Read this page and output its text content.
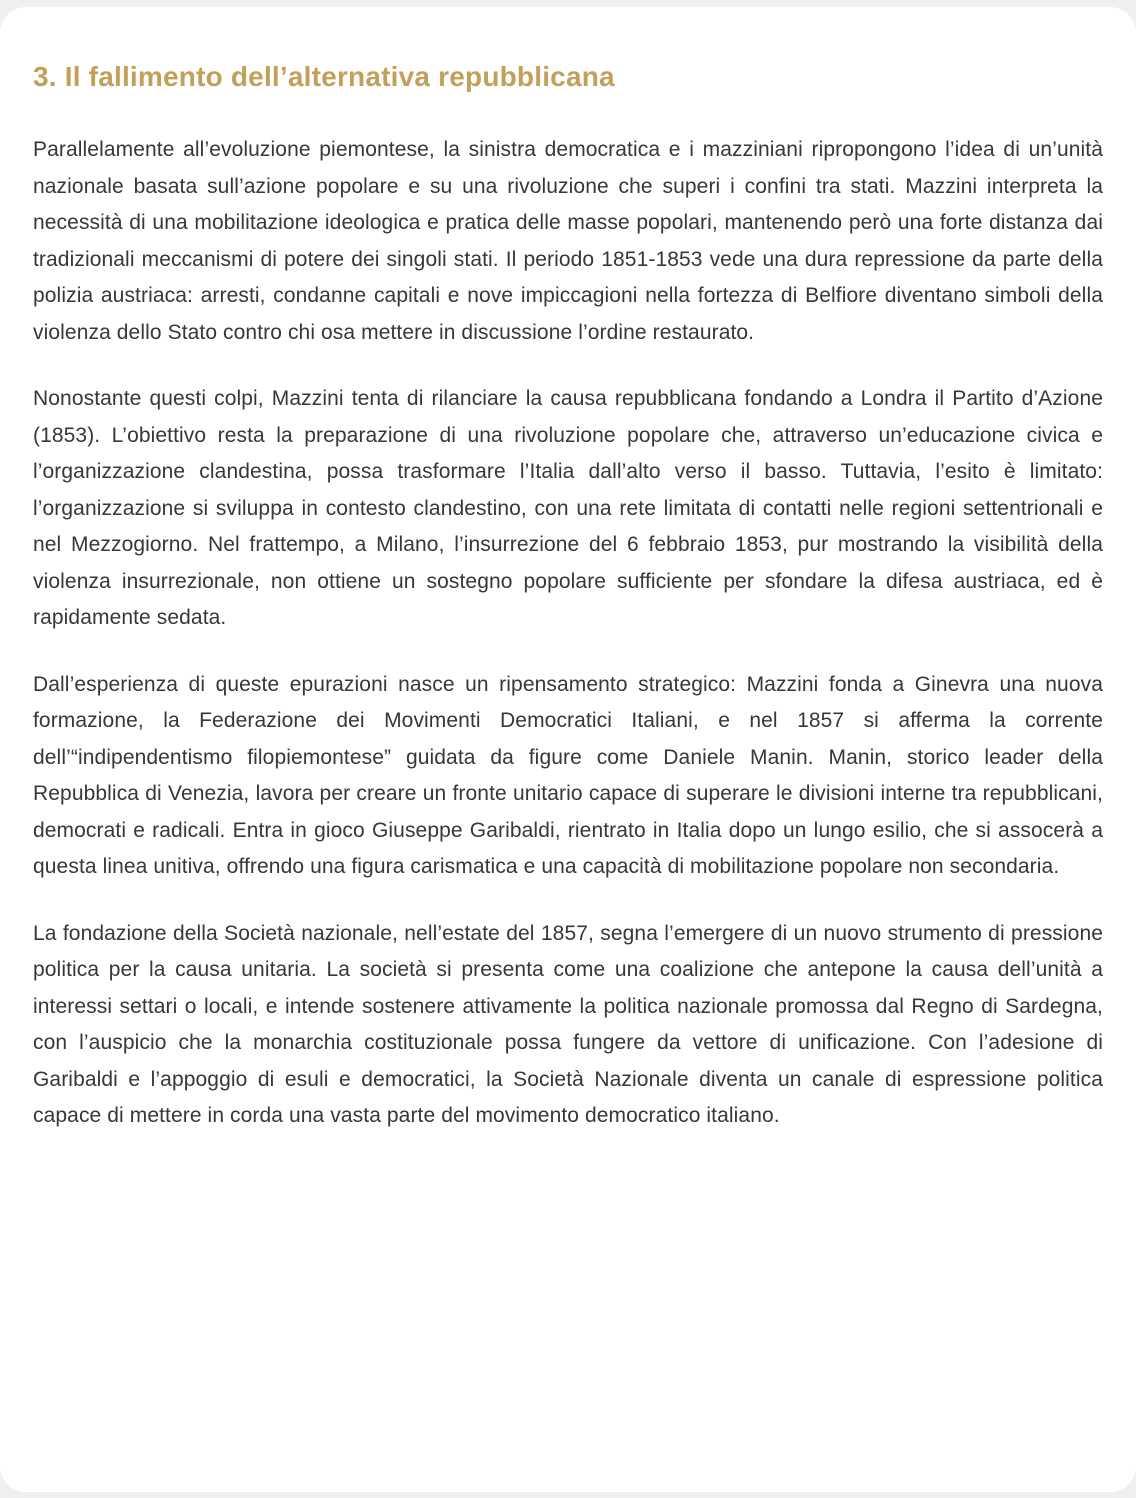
3. Il fallimento dell’alternativa repubblicana

Parallelamente all’evoluzione piemontese, la sinistra democratica e i mazziniani ripropongono l’idea di un’unità nazionale basata sull’azione popolare e su una rivoluzione che superi i confini tra stati. Mazzini interpreta la necessità di una mobilitazione ideologica e pratica delle masse popolari, mantenendo però una forte distanza dai tradizionali meccanismi di potere dei singoli stati. Il periodo 1851-1853 vede una dura repressione da parte della polizia austriaca: arresti, condanne capitali e nove impiccagioni nella fortezza di Belfiore diventano simboli della violenza dello Stato contro chi osa mettere in discussione l’ordine restaurato.

Nonostante questi colpi, Mazzini tenta di rilanciare la causa repubblicana fondando a Londra il Partito d’Azione (1853). L’obiettivo resta la preparazione di una rivoluzione popolare che, attraverso un’educazione civica e l’organizzazione clandestina, possa trasformare l’Italia dall’alto verso il basso. Tuttavia, l’esito è limitato: l’organizzazione si sviluppa in contesto clandestino, con una rete limitata di contatti nelle regioni settentrionali e nel Mezzogiorno. Nel frattempo, a Milano, l’insurrezione del 6 febbraio 1853, pur mostrando la visibilità della violenza insurrezionale, non ottiene un sostegno popolare sufficiente per sfondare la difesa austriaca, ed è rapidamente sedata.

Dall’esperienza di queste epurazioni nasce un ripensamento strategico: Mazzini fonda a Ginevra una nuova formazione, la Federazione dei Movimenti Democratici Italiani, e nel 1857 si afferma la corrente dell’“indipendentismo filopiemontese” guidata da figure come Daniele Manin. Manin, storico leader della Repubblica di Venezia, lavora per creare un fronte unitario capace di superare le divisioni interne tra repubblicani, democrati e radicali. Entra in gioco Giuseppe Garibaldi, rientrato in Italia dopo un lungo esilio, che si assocerà a questa linea unitiva, offrendo una figura carismatica e una capacità di mobilitazione popolare non secondaria.

La fondazione della Società nazionale, nell’estate del 1857, segna l’emergere di un nuovo strumento di pressione politica per la causa unitaria. La società si presenta come una coalizione che antepone la causa dell’unità a interessi settari o locali, e intende sostenere attivamente la politica nazionale promossa dal Regno di Sardegna, con l’auspicio che la monarchia costituzionale possa fungere da vettore di unificazione. Con l’adesione di Garibaldi e l’appoggio di esuli e democratici, la Società Nazionale diventa un canale di espressione politica capace di mettere in corda una vasta parte del movimento democratico italiano.
